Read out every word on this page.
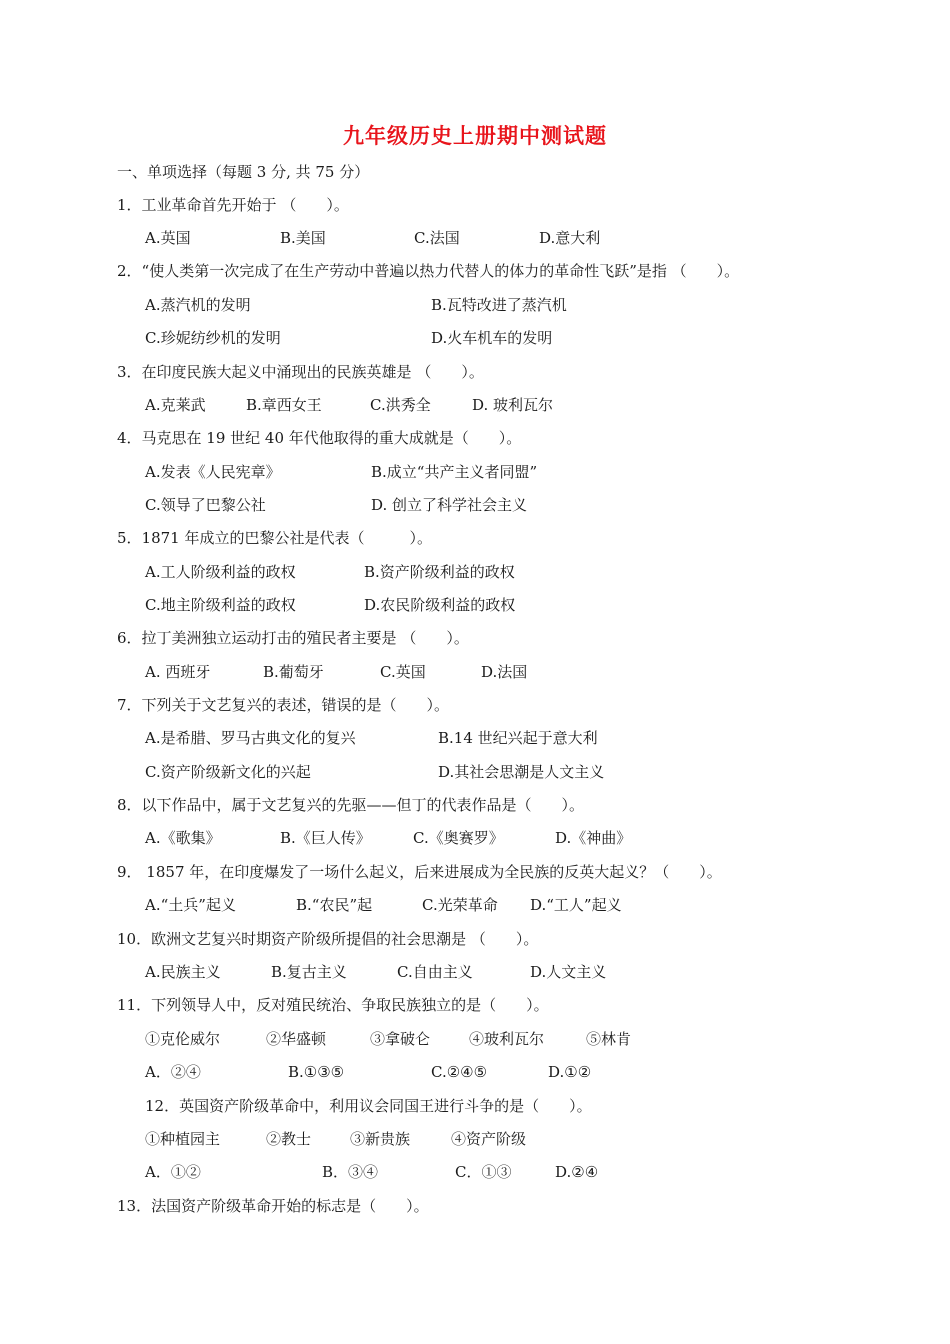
九年级历史上册期中测试题
一、单项选择（每题 3 分, 共 75 分）
1．工业革命首先开始于 （　　）。
A.英国	B.美国	C.法国	D.意大利
2．“使人类第一次完成了在生产劳动中普遍以热力代替人的体力的革命性飞跃”是指 （　　）。
A.蒸汽机的发明	B.瓦特改进了蒸汽机
C.珍妮纺纱机的发明	D.火车机车的发明
3．在印度民族大起义中涌现出的民族英雄是 （　　）。
A.克莱武	B.章西女王	C.洪秀全	D. 玻利瓦尔
4．马克思在 19 世纪 40 年代他取得的重大成就是（　　）。
A.发表《人民宪章》	B.成立“共产主义者同盟”
C.领导了巴黎公社	D. 创立了科学社会主义
5．1871 年成立的巴黎公社是代表（　　　）。
A.工人阶级利益的政权	B.资产阶级利益的政权
C.地主阶级利益的政权	D.农民阶级利益的政权
6．拉丁美洲独立运动打击的殖民者主要是 （　　）。
A. 西班牙	B.葡萄牙	C.英国	D.法国
7．下列关于文艺复兴的表述，错误的是（　　）。
A.是希腊、罗马古典文化的复兴	B.14 世纪兴起于意大利
C.资产阶级新文化的兴起	D.其社会思潮是人文主义
8．以下作品中，属于文艺复兴的先驱——但丁的代表作品是（　　）。
A.《歌集》	B.《巨人传》	C.《奥赛罗》	D.《神曲》
9． 1857 年，在印度爆发了一场什么起义，后来进展成为全民族的反英大起义？（　　）。
A.“土兵”起义	B.“农民”起	C.光荣革命 D.“工人”起义
10．欧洲文艺复兴时期资产阶级所提倡的社会思潮是 （　　）。
A.民族主义	B.复古主义	C.自由主义	D.人文主义
11．下列领导人中，反对殖民统治、争取民族独立的是（　　）。
①克伦威尔	②华盛顿	③拿破仑	④玻利瓦尔	⑤林肯
A．②④	B.①③⑤	C.②④⑤	D.①②
12．英国资产阶级革命中，利用议会同国王进行斗争的是（　　）。
①种植园主	②教士	③新贵族	④资产阶级
A．①②	B．③④	C．①③	D.②④
13．法国资产阶级革命开始的标志是（　　）。
